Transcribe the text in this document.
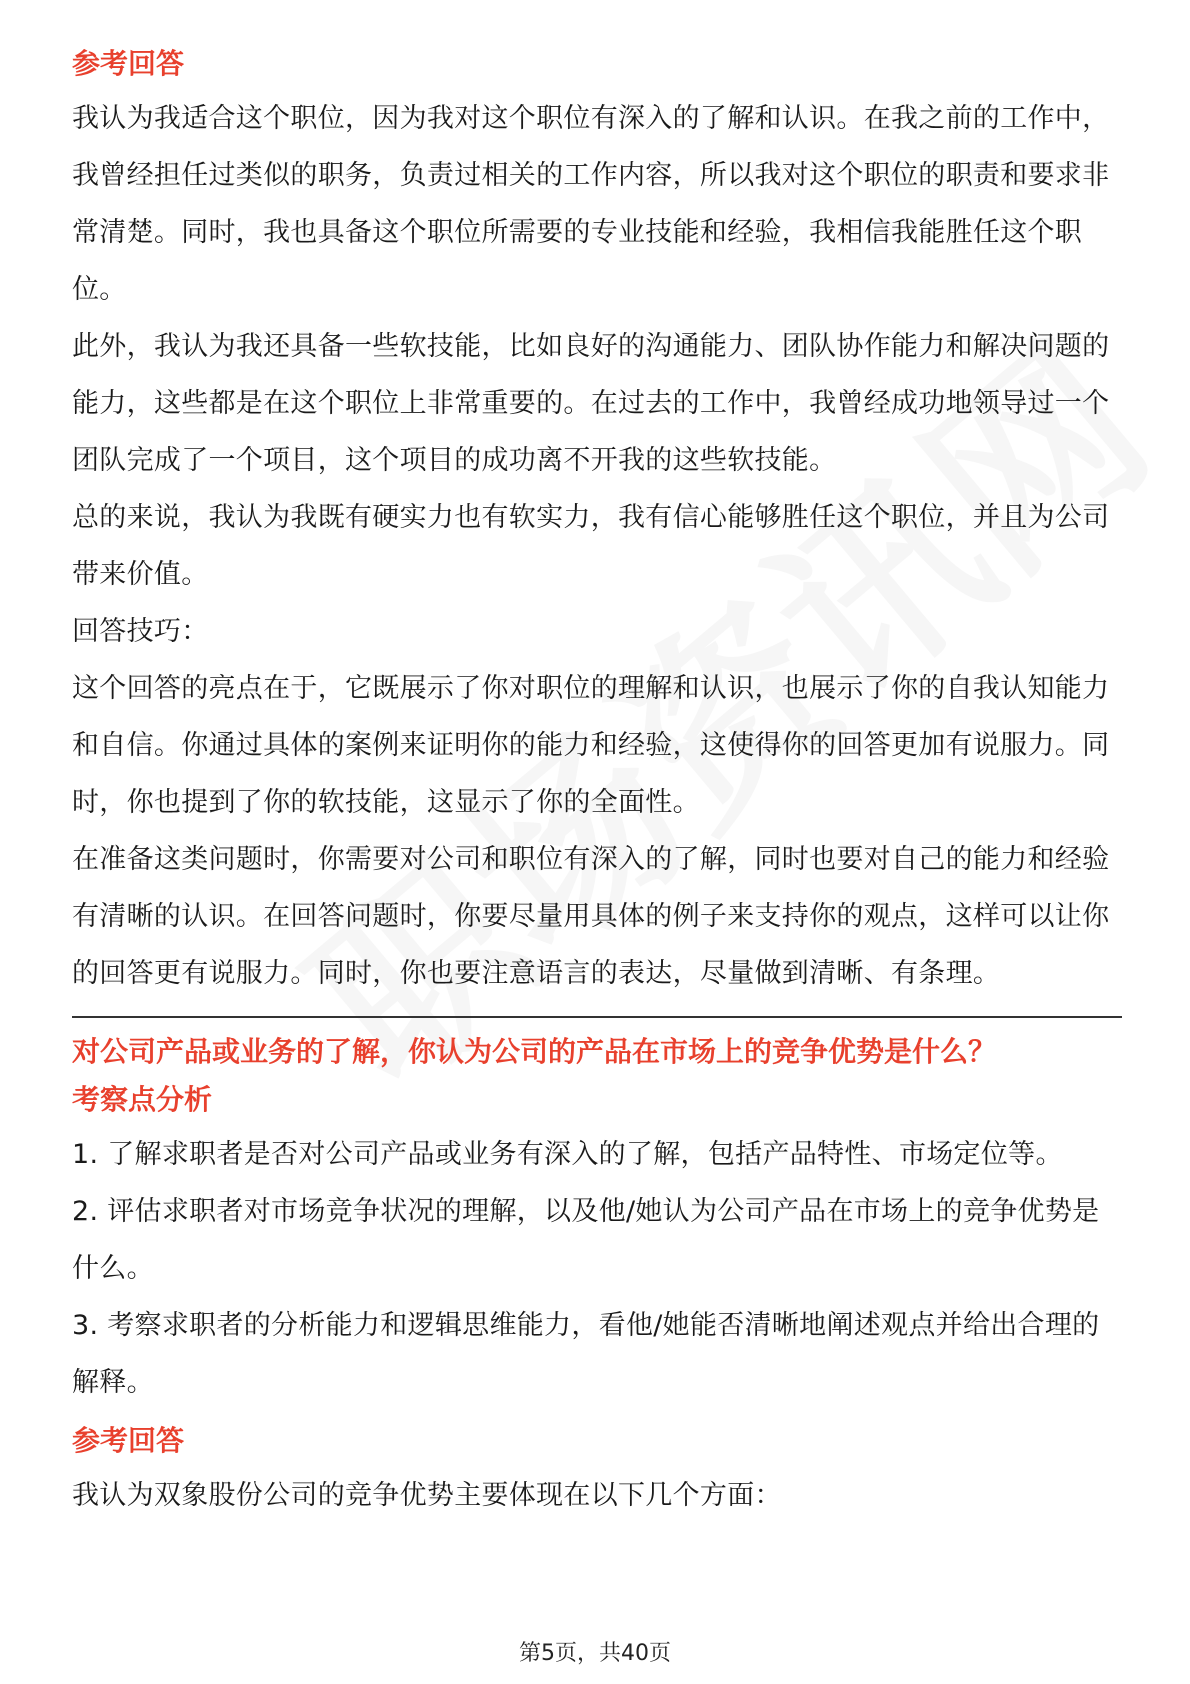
参考回答

我认为我适合这个职位，因为我对这个职位有深入的了解和认识。在我之前的工作中，我曾经担任过类似的职务，负责过相关的工作内容，所以我对这个职位的职责和要求非常清楚。同时，我也具备这个职位所需要的专业技能和经验，我相信我能胜任这个职位。

此外，我认为我还具备一些软技能，比如良好的沟通能力、团队协作能力和解决问题的能力，这些都是在这个职位上非常重要的。在过去的工作中，我曾经成功地领导过一个团队完成了一个项目，这个项目的成功离不开我的这些软技能。

总的来说，我认为我既有硬实力也有软实力，我有信心能够胜任这个职位，并且为公司带来价值。

回答技巧：

这个回答的亮点在于，它既展示了你对职位的理解和认识，也展示了你的自我认知能力和自信。你通过具体的案例来证明你的能力和经验，这使得你的回答更加有说服力。同时，你也提到了你的软技能，这显示了你的全面性。

在准备这类问题时，你需要对公司和职位有深入的了解，同时也要对自己的能力和经验有清晰的认识。在回答问题时，你要尽量用具体的例子来支持你的观点，这样可以让你的回答更有说服力。同时，你也要注意语言的表达，尽量做到清晰、有条理。

对公司产品或业务的了解，你认为公司的产品在市场上的竞争优势是什么？
考察点分析

1. 了解求职者是否对公司产品或业务有深入的了解，包括产品特性、市场定位等。

2. 评估求职者对市场竞争状况的理解，以及他/她认为公司产品在市场上的竞争优势是什么。

3. 考察求职者的分析能力和逻辑思维能力，看他/她能否清晰地阐述观点并给出合理的解释。

参考回答

我认为双象股份公司的竞争优势主要体现在以下几个方面：

第5页，共40页
